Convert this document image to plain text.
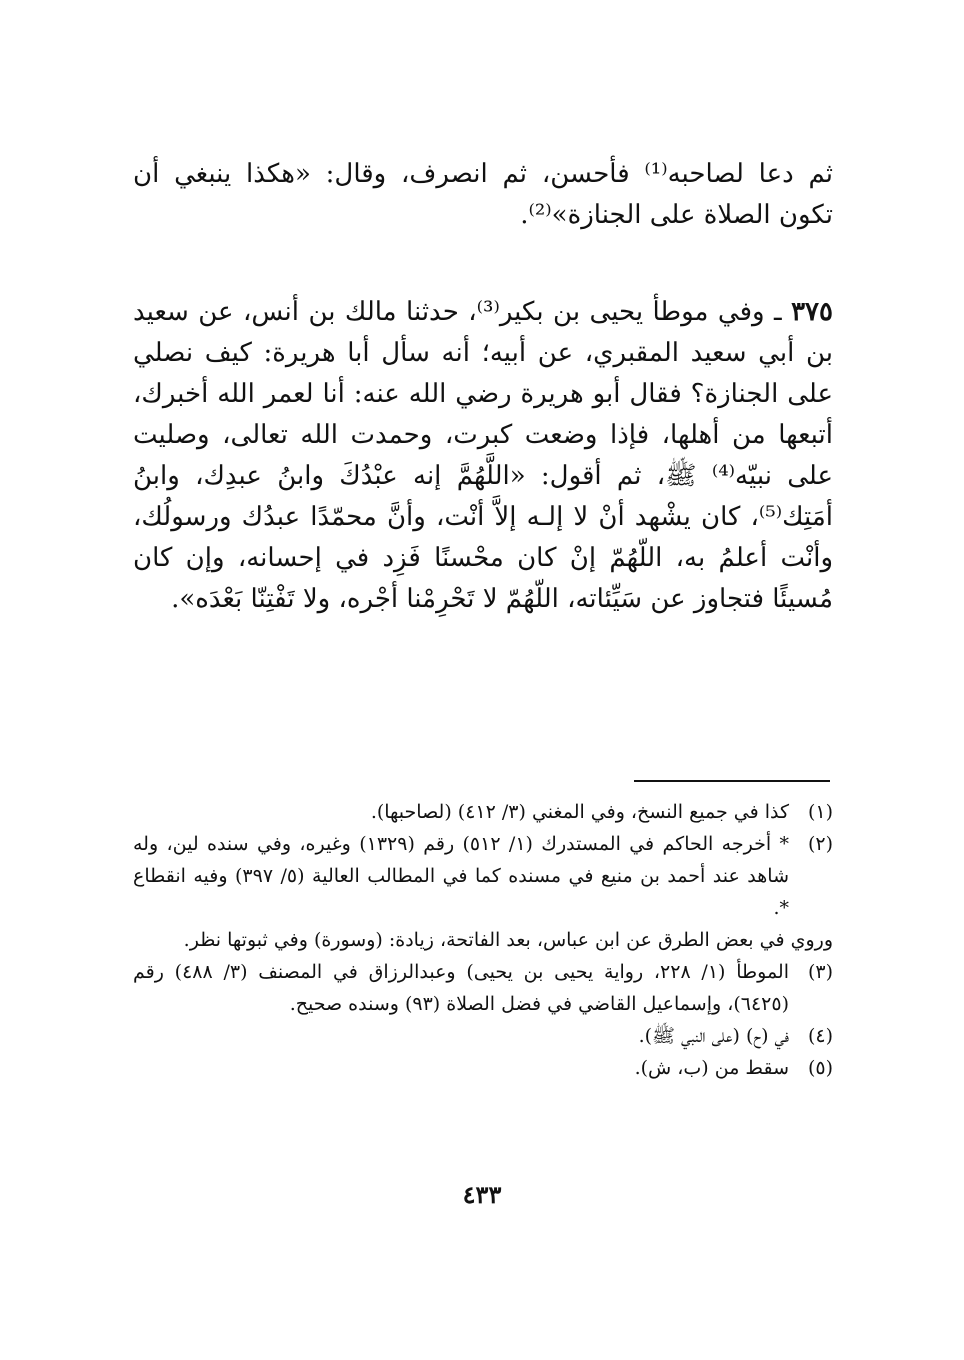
ثم دعا لصاحبه⁽¹⁾ فأحسن، ثم انصرف، وقال: «هكذا ينبغي أن تكون الصلاة على الجنازة»⁽²⁾.

٣٧٥ ـ وفي موطأ يحيى بن بكير⁽³⁾، حدثنا مالك بن أنس، عن سعيد بن أبي سعيد المقبري، عن أبيه؛ أنه سأل أبا هريرة: كيف نصلي على الجنازة؟ فقال أبو هريرة رضي الله عنه: أنا لعمر الله أخبرك، أتبعها من أهلها، فإذا وضعت كبرت، وحمدت الله تعالى، وصليت على نبيّه⁽⁴⁾ ﷺ، ثم أقول: «اللَّهُمَّ إنه عبْدُكَ وابنُ عبدِك، وابنُ أمَتِك⁽⁵⁾، كان يشْهد أنْ لا إلـه إلاَّ أنْت، وأنَّ محمّدًا عبدُك ورسولُك، وأنْت أعلمُ به، اللّهُمّ إنْ كان محْسنًا فَزِد في إحسانه، وإن كان مُسيئًا فتجاوز عن سَيِّئاته، اللّهُمّ لا تَحْرِمْنا أجْره، ولا تَفْتِنّا بَعْدَه».

(١)
كذا في جميع النسخ، وفي المغني (٣/ ٤١٢) (لصاحبها).
(٢)
* أخرجه الحاكم في المستدرك (١/ ٥١٢) رقم (١٣٢٩) وغيره، وفي سنده لين، وله شاهد عند أحمد بن منيع في مسنده كما في المطالب العالية (٥/ ٣٩٧) وفيه انقطاع *.
وروي في بعض الطرق عن ابن عباس، بعد الفاتحة، زيادة: (وسورة) وفي ثبوتها نظر.
(٣)
الموطأ (١/ ٢٢٨، رواية يحيى بن يحيى) وعبدالرزاق في المصنف (٣/ ٤٨٨) رقم (٦٤٢٥)، وإسماعيل القاضي في فضل الصلاة (٩٣) وسنده صحيح.
(٤)
في (ح) (على النبي ﷺ).
(٥)
سقط من (ب، ش).
٤٣٣
